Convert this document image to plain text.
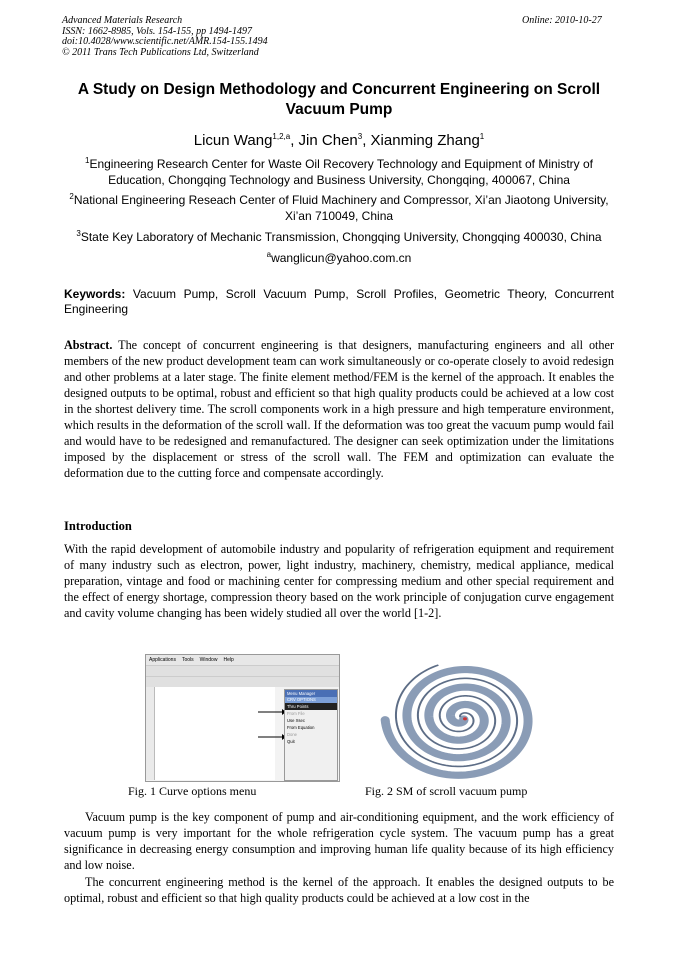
Advanced Materials Research
ISSN: 1662-8985, Vols. 154-155, pp 1494-1497
doi:10.4028/www.scientific.net/AMR.154-155.1494
© 2011 Trans Tech Publications Ltd, Switzerland
Online: 2010-10-27
A Study on Design Methodology and Concurrent Engineering on Scroll Vacuum Pump
Licun Wang$^{1,2,a}$, Jin Chen$^3$, Xianming Zhang$^1$
$^1$Engineering Research Center for Waste Oil Recovery Technology and Equipment of Ministry of Education, Chongqing Technology and Business University, Chongqing, 400067, China
$^2$National Engineering Reseach Center of Fluid Machinery and Compressor, Xi’an Jiaotong University, Xi’an 710049, China
$^3$State Key Laboratory of Mechanic Transmission, Chongqing University, Chongqing 400030, China
$^a$wanglicun@yahoo.com.cn
Keywords: Vacuum Pump, Scroll Vacuum Pump, Scroll Profiles, Geometric Theory, Concurrent Engineering
Abstract. The concept of concurrent engineering is that designers, manufacturing engineers and all other members of the new product development team can work simultaneously or co-operate closely to avoid redesign and other problems at a later stage. The finite element method/FEM is the kernel of the approach. It enables the designed outputs to be optimal, robust and efficient so that high quality products could be achieved at a low cost in the shortest delivery time. The scroll components work in a high pressure and high temperature environment, which results in the deformation of the scroll wall. If the deformation was too great the vacuum pump would fail and would have to be redesigned and remanufactured. The designer can seek optimization under the limitations imposed by the displacement or stress of the scroll wall. The FEM and optimization can evaluate the deformation due to the cutting force and compensate accordingly.
Introduction
With the rapid development of automobile industry and popularity of refrigeration equipment and requirement of many industry such as electron, power, light industry, machinery, chemistry, medical appliance, medical preparation, vintage and food or machining center for compressing medium and other special requirement and the effect of energy shortage, compression theory based on the work principle of conjugation curve engagement and cavity volume changing has been widely studied all over the world [1-2].
Applications Tools Window Help
Menu Manager
CRV OPTIONS
Thru Points
From File
Use Xsec
From Equation
Done
Quit
Fig. 1 Curve options menu	Fig. 2 SM of scroll vacuum pump
Vacuum pump is the key component of pump and air-conditioning equipment, and the work efficiency of vacuum pump is very important for the whole refrigeration cycle system. The vacuum pump has a great significance in decreasing energy consumption and improving human life quality because of its high efficiency and low noise.
The concurrent engineering method is the kernel of the approach. It enables the designed outputs to be optimal, robust and efficient so that high quality products could be achieved at a low cost in the
